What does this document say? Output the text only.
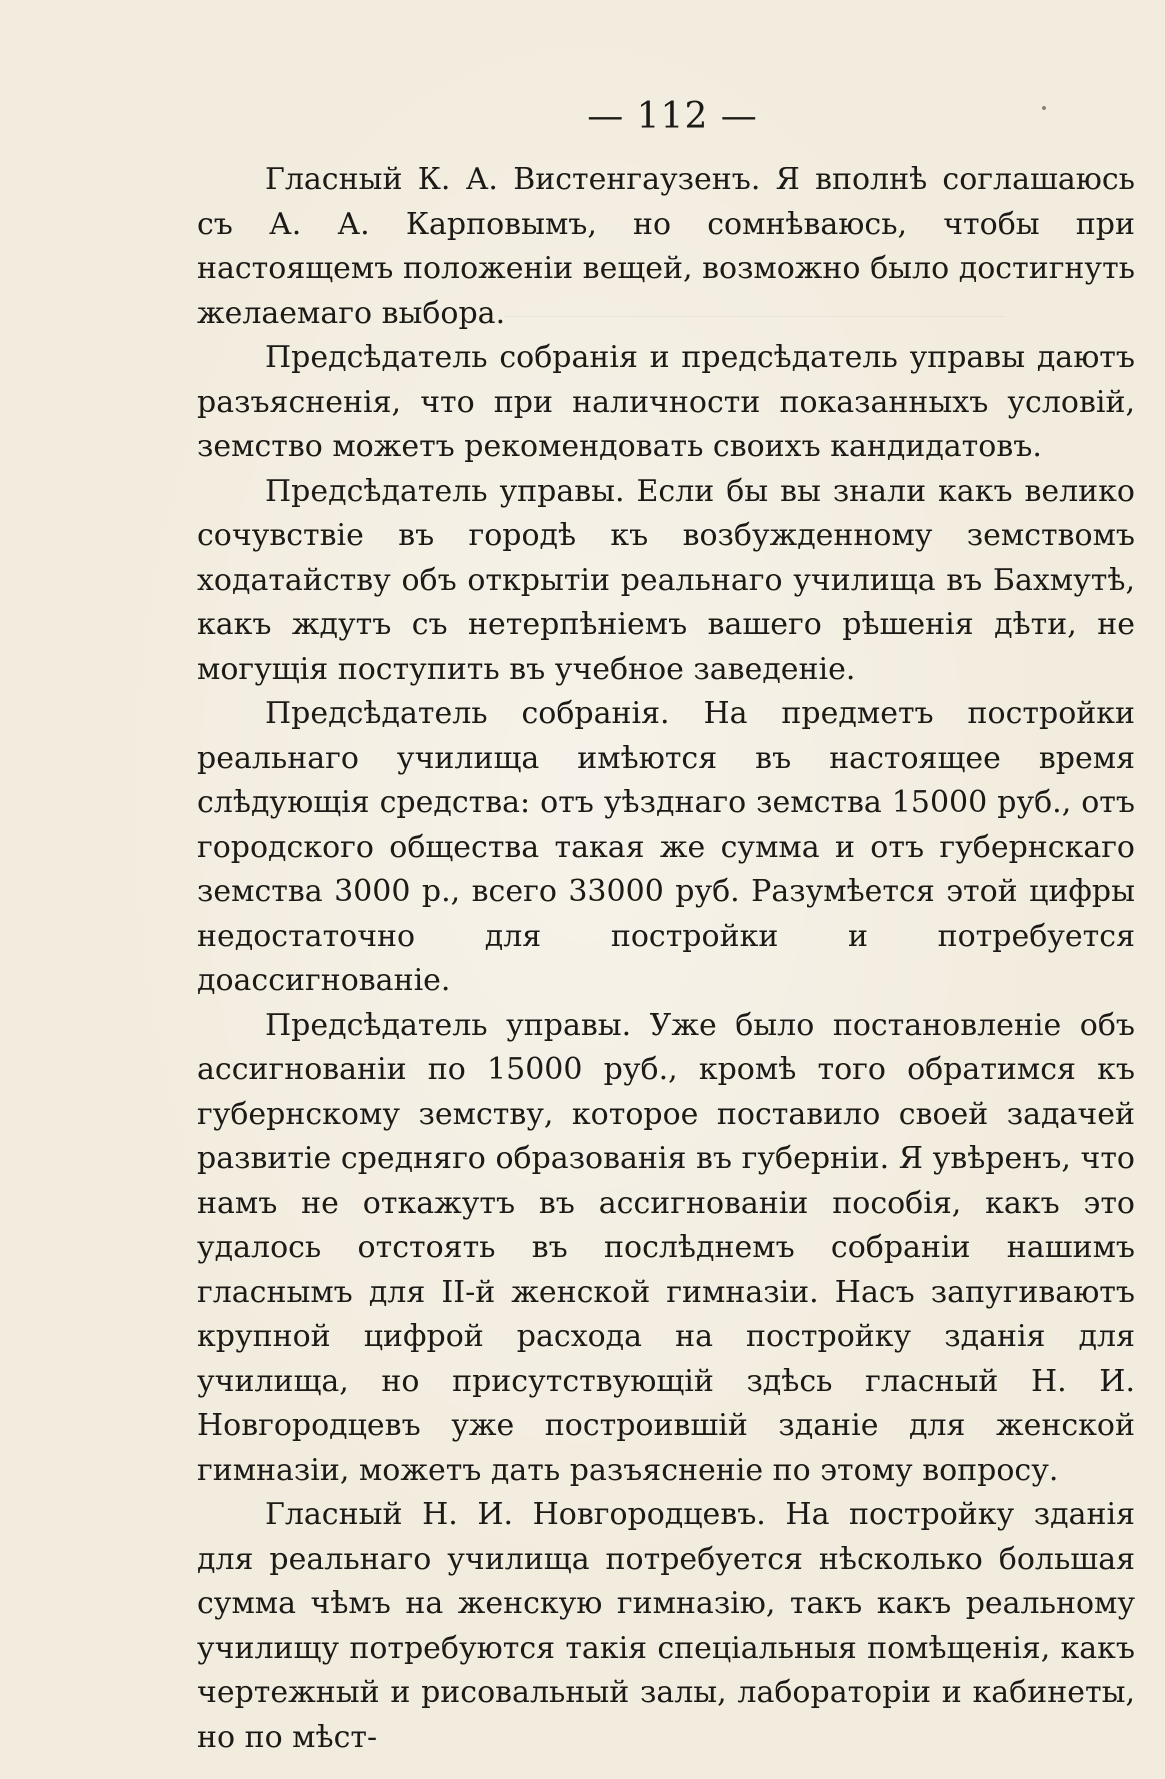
— 112 —

Гласный К. А. Вистенгаузенъ. Я вполнѣ соглашаюсь съ А. А. Карповымъ, но сомнѣваюсь, чтобы при настоящемъ положенiи вещей, возможно было достигнуть желаемаго выбора.

Предсѣдатель собранiя и предсѣдатель управы даютъ разъясненiя, что при наличности показанныхъ условiй, земство можетъ рекомендовать своихъ кандидатовъ.

Предсѣдатель управы. Если бы вы знали какъ велико сочувствiе въ городѣ къ возбужденному земствомъ ходатайству объ открытiи реальнаго училища въ Бахмутѣ, какъ ждутъ съ нетерпѣнiемъ вашего рѣшенiя дѣти, не могущiя поступить въ учебное заведенiе.

Предсѣдатель собранiя. На предметъ постройки реальнаго училища имѣются въ настоящее время слѣдующiя средства: отъ уѣзднаго земства 15000 руб., отъ городского общества такая же сумма и отъ губернскаго земства 3000 р., всего 33000 руб. Разумѣется этой цифры недостаточно для постройки и потребуется доассигнованiе.

Предсѣдатель управы. Уже было постановленiе объ ассигнованiи по 15000 руб., кромѣ того обратимся къ губернскому земству, которое поставило своей задачей развитiе средняго образованiя въ губернiи. Я увѣренъ, что намъ не откажутъ въ ассигнованiи пособiя, какъ это удалось отстоять въ послѣднемъ собранiи нашимъ гласнымъ для II-й женской гимназiи. Насъ запугиваютъ крупной цифрой расхода на постройку зданiя для училища, но присутствующiй здѣсь гласный Н. И. Новгородцевъ уже построившiй зданiе для женской гимназiи, можетъ дать разъясненiе по этому вопросу.

Гласный Н. И. Новгородцевъ. На постройку зданiя для реальнаго училища потребуется нѣсколько большая сумма чѣмъ на женскую гимназiю, такъ какъ реальному училищу потребуются такiя спецiальныя помѣщенiя, какъ чертежный и рисовальный залы, лабораторiи и кабинеты, но по мѣст-
